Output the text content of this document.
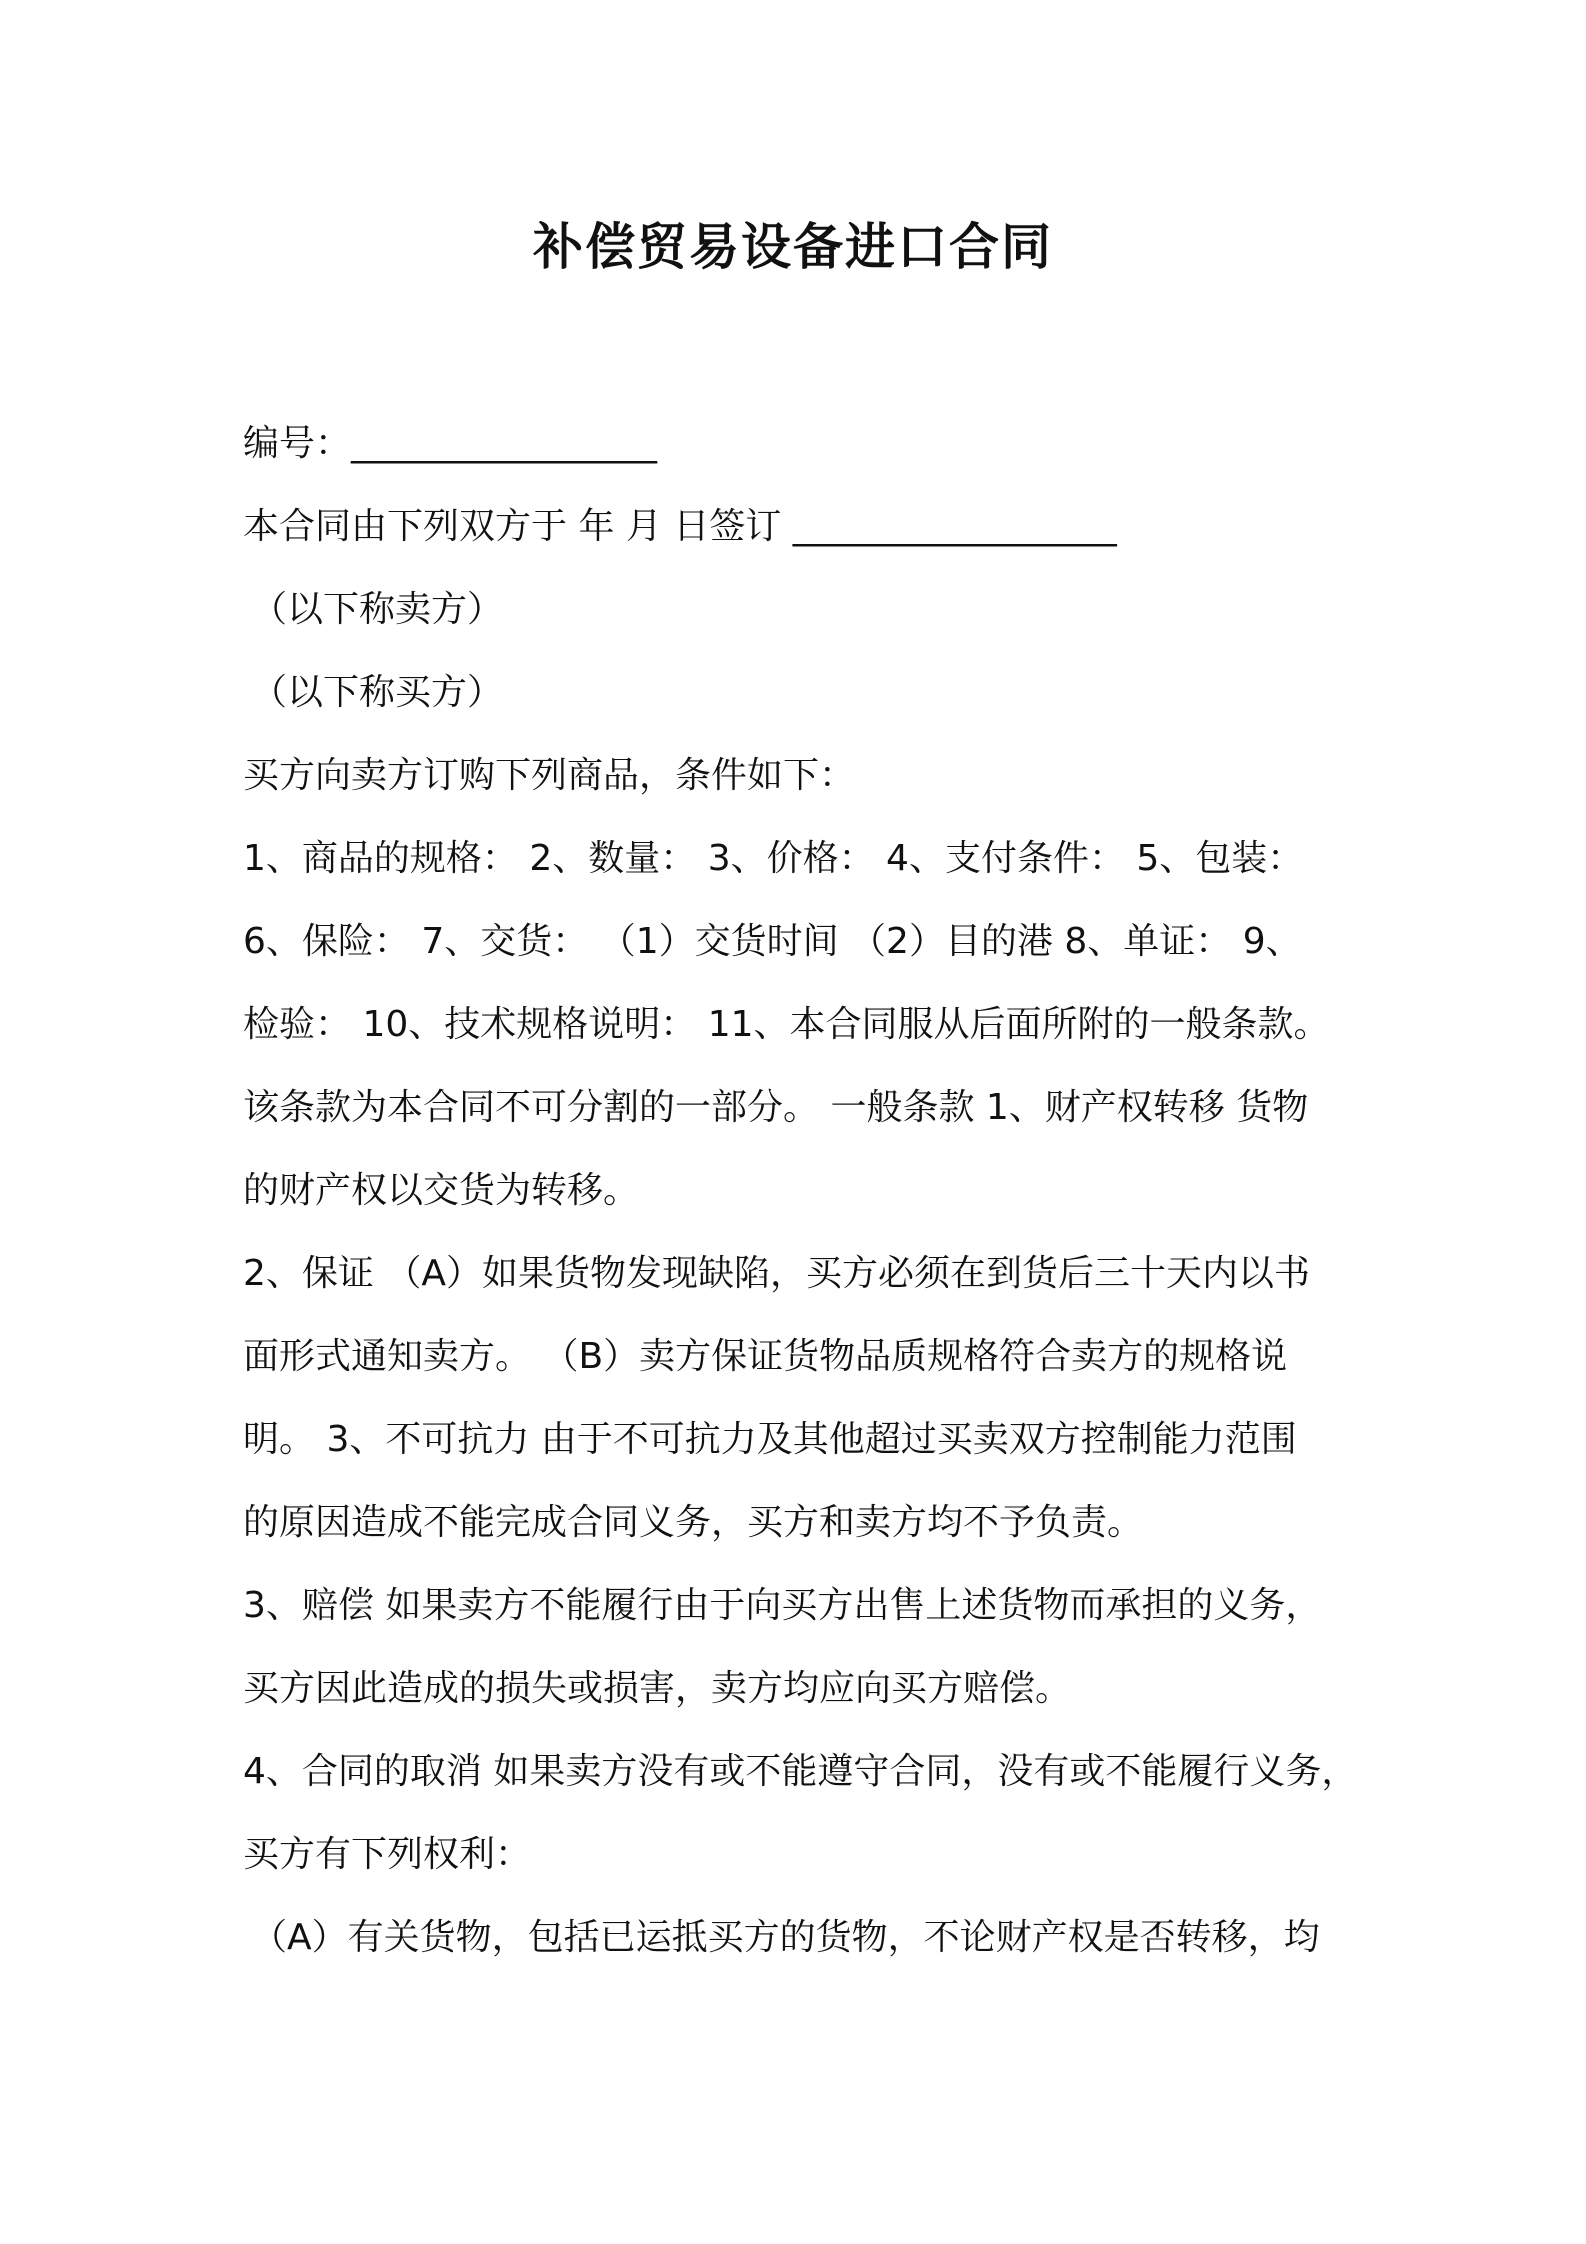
补偿贸易设备进口合同
编号：_________________
本合同由下列双方于 年 月 日签订 __________________
（以下称卖方）
（以下称买方）
买方向卖方订购下列商品，条件如下：
1、商品的规格： 2、数量： 3、价格： 4、支付条件： 5、包装：
6、保险： 7、交货： （1）交货时间 （2）目的港 8、单证： 9、
检验： 10、技术规格说明： 11、本合同服从后面所附的一般条款。
该条款为本合同不可分割的一部分。 一般条款 1、财产权转移 货物
的财产权以交货为转移。
2、保证 （A）如果货物发现缺陷，买方必须在到货后三十天内以书
面形式通知卖方。 （B）卖方保证货物品质规格符合卖方的规格说
明。 3、不可抗力 由于不可抗力及其他超过买卖双方控制能力范围
的原因造成不能完成合同义务，买方和卖方均不予负责。
3、赔偿 如果卖方不能履行由于向买方出售上述货物而承担的义务，
买方因此造成的损失或损害，卖方均应向买方赔偿。
4、合同的取消 如果卖方没有或不能遵守合同，没有或不能履行义务，
买方有下列权利：
（A）有关货物，包括已运抵买方的货物，不论财产权是否转移，均
